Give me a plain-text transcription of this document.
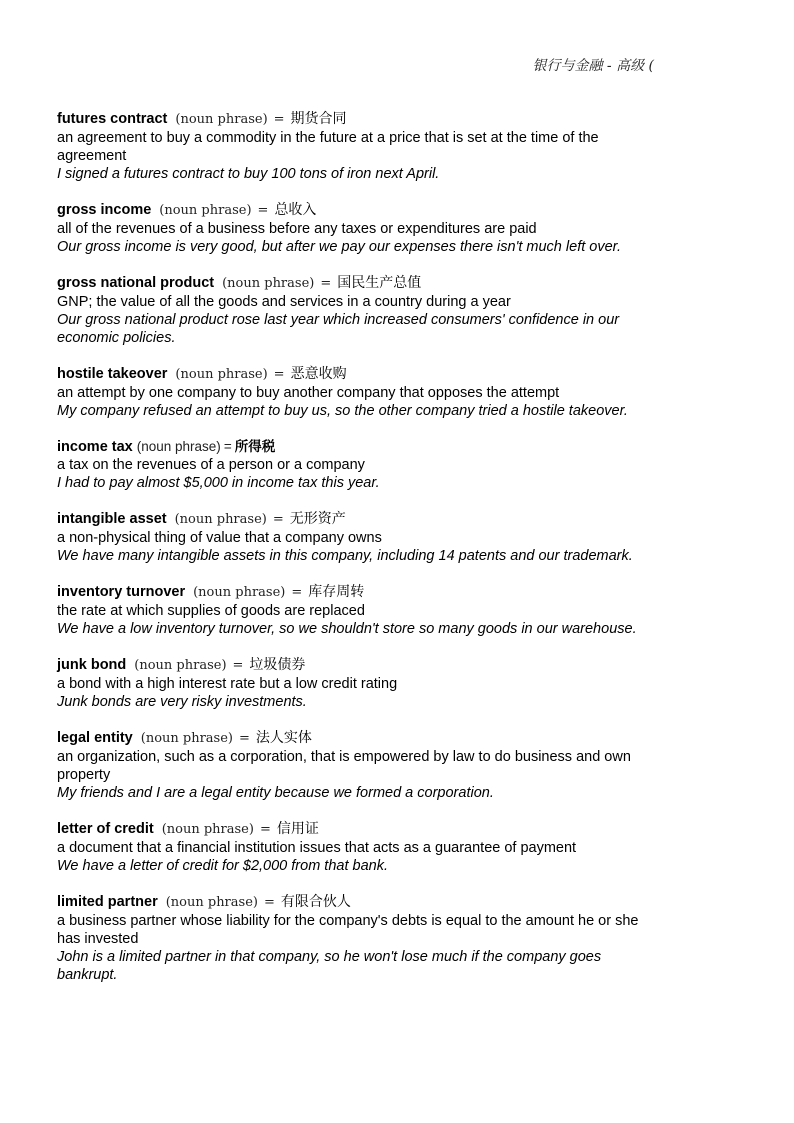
银行与金融 - 高级 (
futures contract (noun phrase) = 期货合同
an agreement to buy a commodity in the future at a price that is set at the time of the agreement
I signed a futures contract to buy 100 tons of iron next April.
gross income (noun phrase) = 总收入
all of the revenues of a business before any taxes or expenditures are paid
Our gross income is very good, but after we pay our expenses there isn't much left over.
gross national product (noun phrase) = 国民生产总值
GNP; the value of all the goods and services in a country during a year
Our gross national product rose last year which increased consumers' confidence in our economic policies.
hostile takeover (noun phrase) = 恶意收购
an attempt by one company to buy another company that opposes the attempt
My company refused an attempt to buy us, so the other company tried a hostile takeover.
income tax (noun phrase) = 所得税
a tax on the revenues of a person or a company
I had to pay almost $5,000 in income tax this year.
intangible asset (noun phrase) = 无形资产
a non-physical thing of value that a company owns
We have many intangible assets in this company, including 14 patents and our trademark.
inventory turnover (noun phrase) = 库存周转
the rate at which supplies of goods are replaced
We have a low inventory turnover, so we shouldn't store so many goods in our warehouse.
junk bond (noun phrase) = 垃圾债券
a bond with a high interest rate but a low credit rating
Junk bonds are very risky investments.
legal entity (noun phrase) = 法人实体
an organization, such as a corporation, that is empowered by law to do business and own property
My friends and I are a legal entity because we formed a corporation.
letter of credit (noun phrase) = 信用证
a document that a financial institution issues that acts as a guarantee of payment
We have a letter of credit for $2,000 from that bank.
limited partner (noun phrase) = 有限合伙人
a business partner whose liability for the company's debts is equal to the amount he or she has invested
John is a limited partner in that company, so he won't lose much if the company goes bankrupt.
